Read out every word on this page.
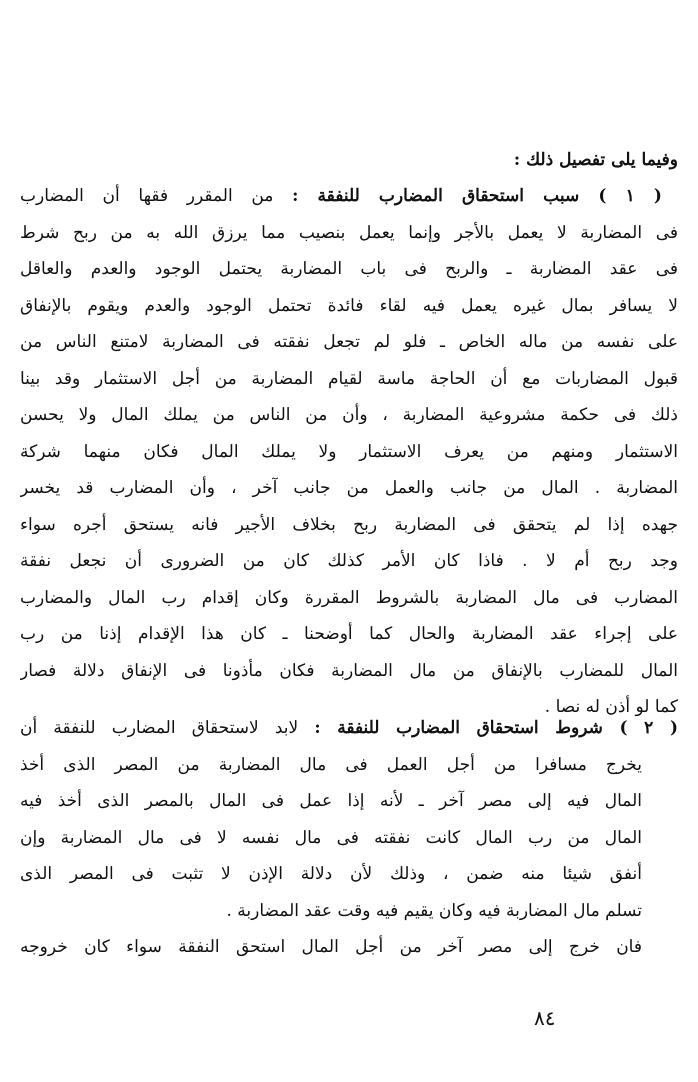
وفيما يلى تفصيل ذلك :
( ١ ) سبب استحقاق المضارب للنفقة : من المقرر فقها أن المضارب
فى المضاربة لا يعمل بالأجر وإنما يعمل بنصيب مما يرزق الله به من ربح شرط
فى عقد المضاربة ـ والربح فى باب المضاربة يحتمل الوجود والعدم والعاقل
لا يسافر بمال غيره يعمل فيه لقاء فائدة تحتمل الوجود والعدم ويقوم بالإنفاق
على نفسه من ماله الخاص ـ فلو لم تجعل نفقته فى المضاربة لامتنع الناس من
قبول المضاربات مع أن الحاجة ماسة لقيام المضاربة من أجل الاستثمار وقد بينا
ذلك فى حكمة مشروعية المضاربة ، وأن من الناس من يملك المال ولا يحسن
الاستثمار ومنهم من يعرف الاستثمار ولا يملك المال فكان منهما شركة
المضاربة . المال من جانب والعمل من جانب آخر ، وأن المضارب قد يخسر
جهده إذا لم يتحقق فى المضاربة ربح بخلاف الأجير فانه يستحق أجره سواء
وجد ربح أم لا . فاذا كان الأمر كذلك كان من الضرورى أن نجعل نفقة
المضارب فى مال المضاربة بالشروط المقررة وكان إقدام رب المال والمضارب
على إجراء عقد المضاربة والحال كما أوضحنا ـ كان هذا الإقدام إذنا من رب
المال للمضارب بالإنفاق من مال المضاربة فكان مأذونا فى الإنفاق دلالة فصار
كما لو أذن له نصا .
( ٢ ) شروط استحقاق المضارب للنفقة : لابد لاستحقاق المضارب للنفقة أن
يخرج مسافرا من أجل العمل فى مال المضاربة من المصر الذى أخذ
المال فيه إلى مصر آخر ـ لأنه إذا عمل فى المال بالمصر الذى أخذ فيه
المال من رب المال كانت نفقته فى مال نفسه لا فى مال المضاربة وإن
أنفق شيئا منه ضمن ، وذلك لأن دلالة الإذن لا تثبت فى المصر الذى
تسلم مال المضاربة فيه وكان يقيم فيه وقت عقد المضاربة .
فان خرج إلى مصر آخر من أجل المال استحق النفقة سواء كان خروجه
٨٤
